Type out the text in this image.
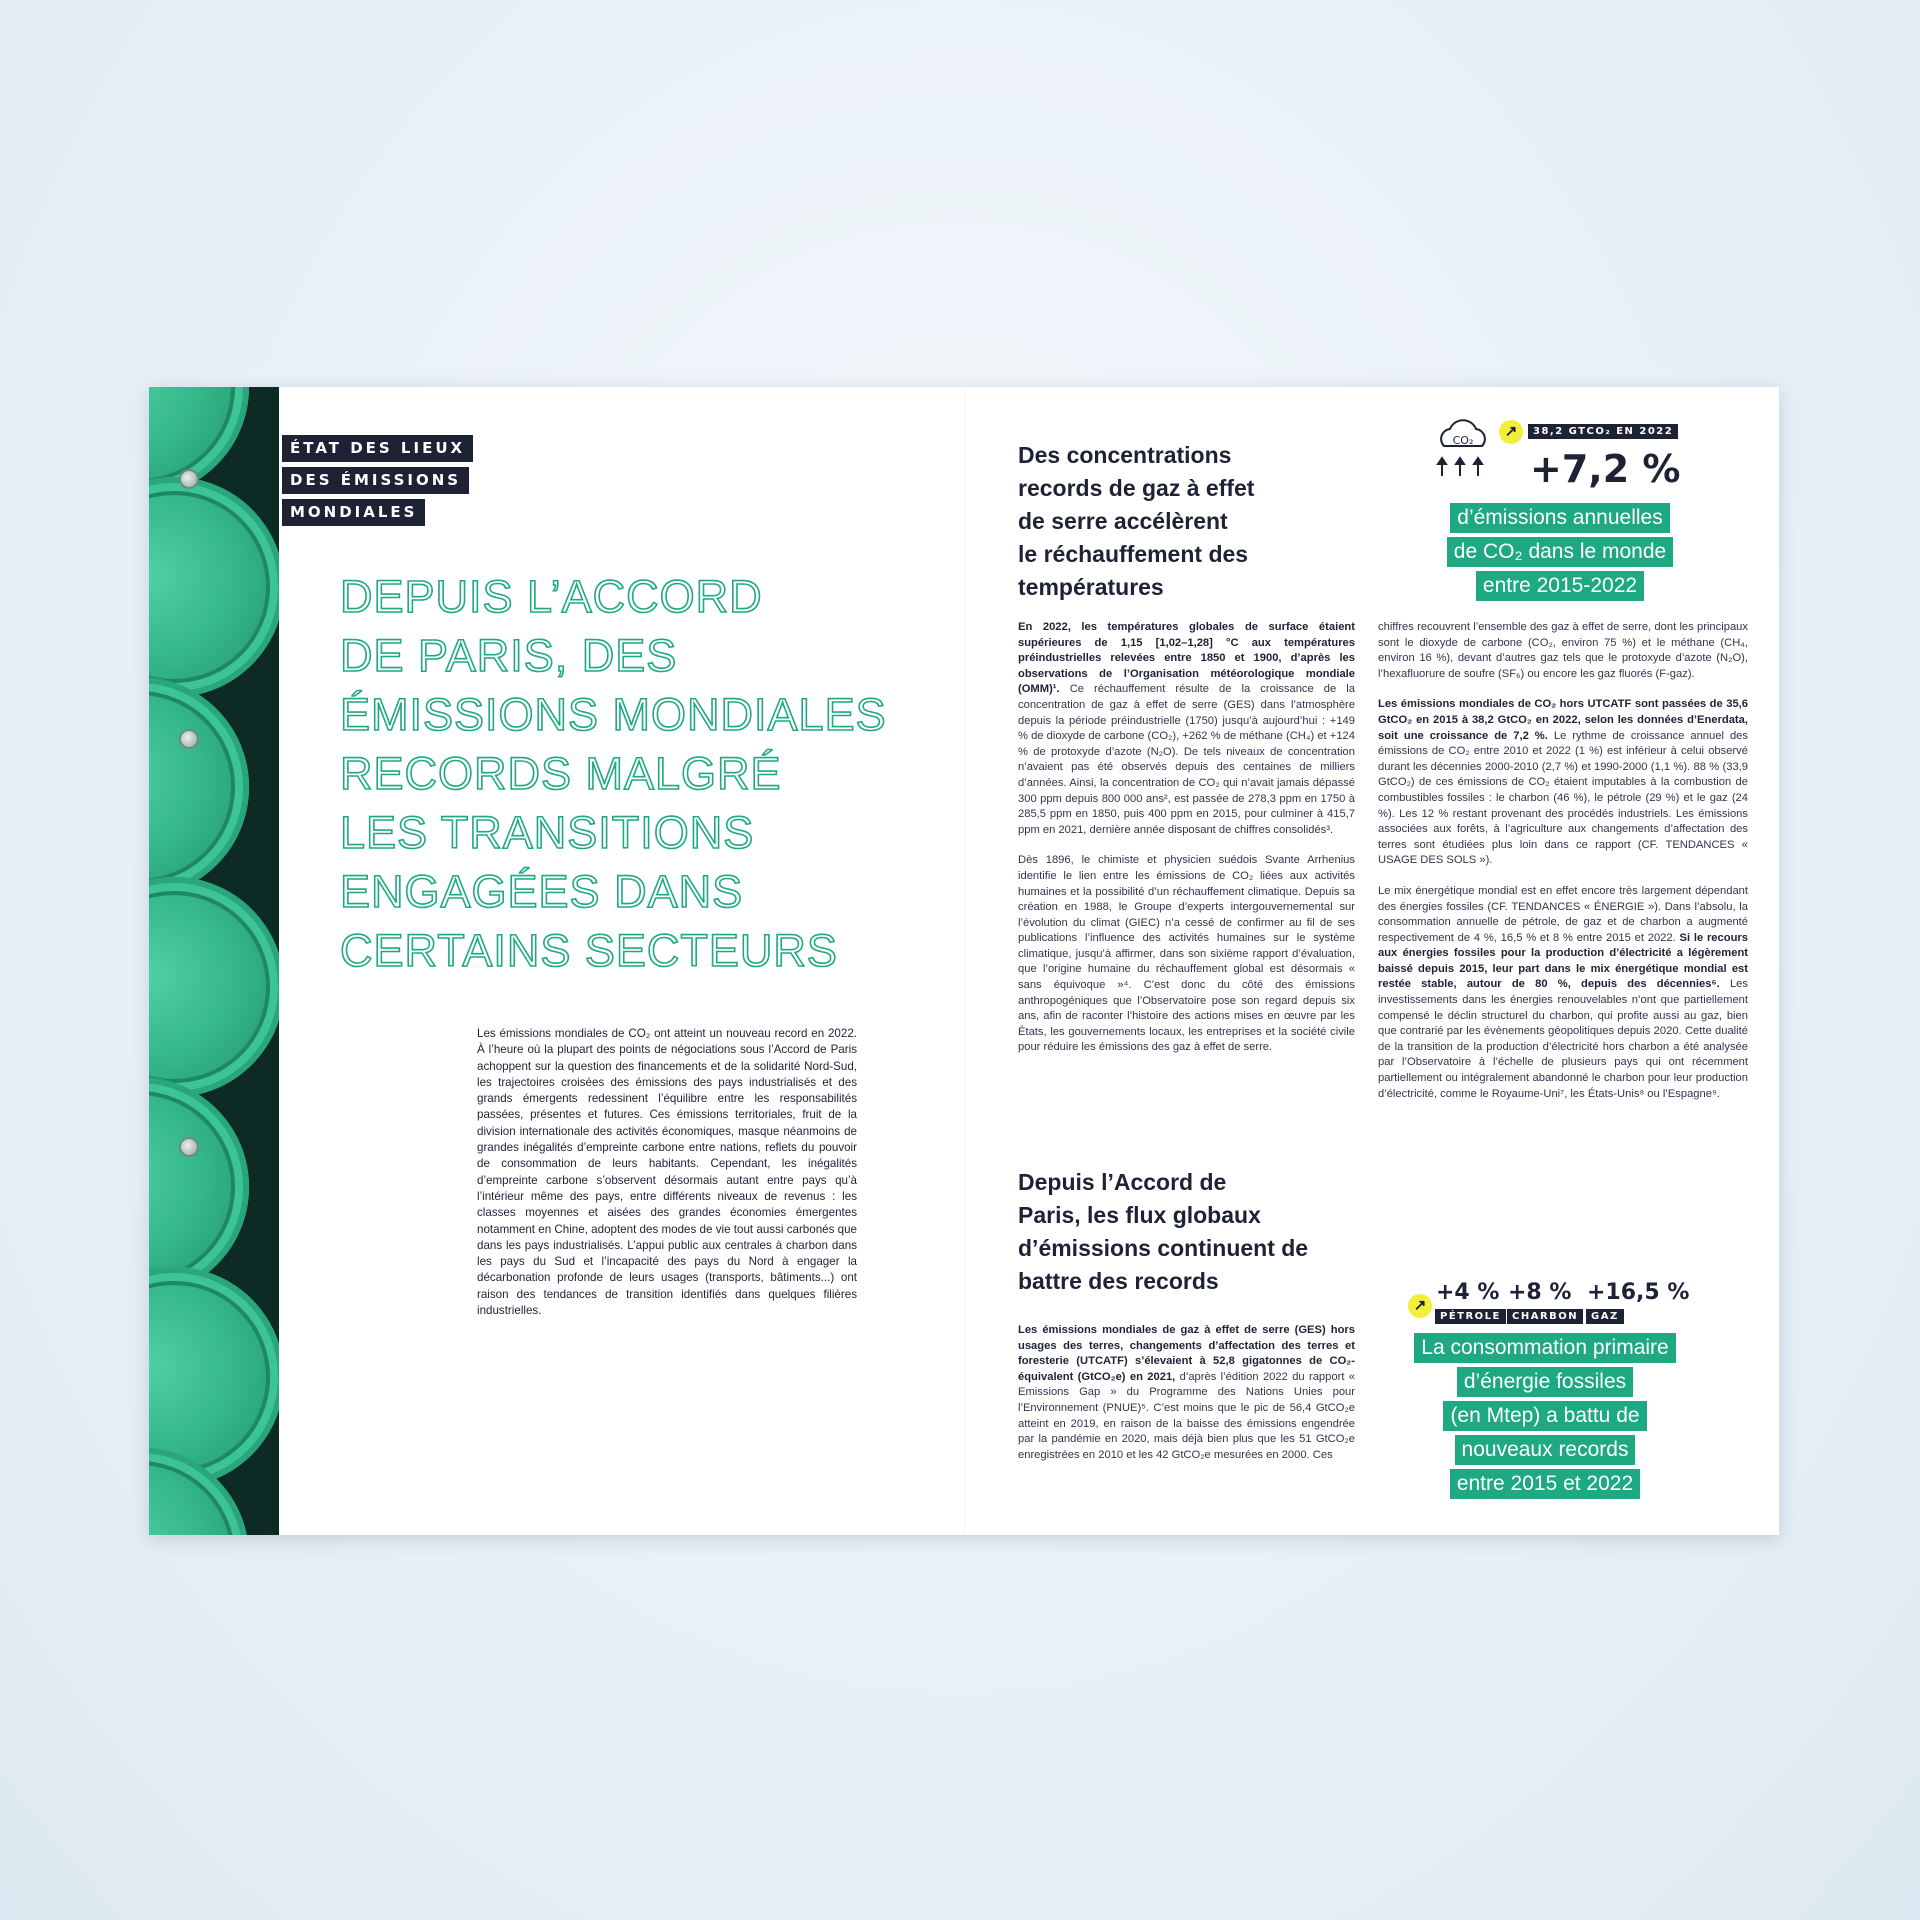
ÉTAT DES LIEUX
DES ÉMISSIONS
MONDIALES
DEPUIS L’ACCORD
DE PARIS, DES
ÉMISSIONS MONDIALES
RECORDS MALGRÉ
LES TRANSITIONS
ENGAGÉES DANS
CERTAINS SECTEURS
Les émissions mondiales de CO₂ ont atteint un nouveau record en 2022. À l’heure où la plupart des points de négociations sous l’Accord de Paris achoppent sur la question des financements et de la solidarité Nord-Sud, les trajectoires croisées des émissions des pays industrialisés et des grands émergents redessinent l’équilibre entre les responsabilités passées, présentes et futures. Ces émissions territoriales, fruit de la division internationale des activités économiques, masque néanmoins de grandes inégalités d’empreinte carbone entre nations, reflets du pouvoir de consommation de leurs habitants. Cependant, les inégalités d’empreinte carbone s’observent désormais autant entre pays qu’à l’intérieur même des pays, entre différents niveaux de revenus : les classes moyennes et aisées des grandes économies émergentes notamment en Chine, adoptent des modes de vie tout aussi carbonés que dans les pays industrialisés. L’appui public aux centrales à charbon dans les pays du Sud et l’incapacité des pays du Nord à engager la décarbonation profonde de leurs usages (transports, bâtiments...) ont raison des tendances de transition identifiés dans quelques filières industrielles.
Des concentrations
records de gaz à effet
de serre accélèrent
le réchauffement des
températures

En 2022, les températures globales de surface étaient supérieures de 1,15 [1,02–1,28] °C aux températures préindustrielles relevées entre 1850 et 1900, d’après les observations de l’Organisation météorologique mondiale (OMM)¹. Ce réchauffement résulte de la croissance de la concentration de gaz à effet de serre (GES) dans l’atmosphère depuis la période préindustrielle (1750) jusqu’à aujourd’hui : +149 % de dioxyde de carbone (CO₂), +262 % de méthane (CH₄) et +124 % de protoxyde d’azote (N₂O). De tels niveaux de concentration n’avaient pas été observés depuis des centaines de milliers d’années. Ainsi, la concentration de CO₂ qui n’avait jamais dépassé 300 ppm depuis 800 000 ans², est passée de 278,3 ppm en 1750 à 285,5 ppm en 1850, puis 400 ppm en 2015, pour culminer à 415,7 ppm en 2021, dernière année disposant de chiffres consolidés³.

Dès 1896, le chimiste et physicien suédois Svante Arrhenius identifie le lien entre les émissions de CO₂ liées aux activités humaines et la possibilité d’un réchauffement climatique. Depuis sa création en 1988, le Groupe d’experts intergouvernemental sur l’évolution du climat (GIEC) n’a cessé de confirmer au fil de ses publications l’influence des activités humaines sur le système climatique, jusqu’à affirmer, dans son sixième rapport d’évaluation, que l’origine humaine du réchauffement global est désormais « sans équivoque »⁴. C’est donc du côté des émissions anthropogéniques que l’Observatoire pose son regard depuis six ans, afin de raconter l’histoire des actions mises en œuvre par les États, les gouvernements locaux, les entreprises et la société civile pour réduire les émissions des gaz à effet de serre.

Depuis l’Accord de
Paris, les flux globaux
d’émissions continuent de
battre des records

Les émissions mondiales de gaz à effet de serre (GES) hors usages des terres, changements d’affectation des terres et foresterie (UTCATF) s’élevaient à 52,8 gigatonnes de CO₂-équivalent (GtCO₂e) en 2021, d’après l’édition 2022 du rapport « Emissions Gap » du Programme des Nations Unies pour l’Environnement (PNUE)⁵. C’est moins que le pic de 56,4 GtCO₂e atteint en 2019, en raison de la baisse des émissions engendrée par la pandémie en 2020, mais déjà bien plus que les 51 GtCO₂e enregistrées en 2010 et les 42 GtCO₂e mesurées en 2000. Ces

chiffres recouvrent l’ensemble des gaz à effet de serre, dont les principaux sont le dioxyde de carbone (CO₂, environ 75 %) et le méthane (CH₄, environ 16 %), devant d’autres gaz tels que le protoxyde d’azote (N₂O), l’hexafluorure de soufre (SF₆) ou encore les gaz fluorés (F-gaz).

Les émissions mondiales de CO₂ hors UTCATF sont passées de 35,6 GtCO₂ en 2015 à 38,2 GtCO₂ en 2022, selon les données d’Enerdata, soit une croissance de 7,2 %. Le rythme de croissance annuel des émissions de CO₂ entre 2010 et 2022 (1 %) est inférieur à celui observé durant les décennies 2000-2010 (2,7 %) et 1990-2000 (1,1 %). 88 % (33,9 GtCO₂) de ces émissions de CO₂ étaient imputables à la combustion de combustibles fossiles : le charbon (46 %), le pétrole (29 %) et le gaz (24 %). Les 12 % restant provenant des procédés industriels. Les émissions associées aux forêts, à l’agriculture aux changements d’affectation des terres sont étudiées plus loin dans ce rapport (CF. TENDANCES « USAGE DES SOLS »).

Le mix énergétique mondial est en effet encore très largement dépendant des énergies fossiles (CF. TENDANCES « ÉNERGIE »). Dans l’absolu, la consommation annuelle de pétrole, de gaz et de charbon a augmenté respectivement de 4 %, 16,5 % et 8 % entre 2015 et 2022. Si le recours aux énergies fossiles pour la production d’électricité a légèrement baissé depuis 2015, leur part dans le mix énergétique mondial est restée stable, autour de 80 %, depuis des décennies⁶. Les investissements dans les énergies renouvelables n’ont que partiellement compensé le déclin structurel du charbon, qui profite aussi au gaz, bien que contrarié par les évènements géopolitiques depuis 2020. Cette dualité de la transition de la production d’électricité hors charbon a été analysée par l’Observatoire à l’échelle de plusieurs pays qui ont récemment partiellement ou intégralement abandonné le charbon pour leur production d’électricité, comme le Royaume-Uni⁷, les États-Unis⁸ ou l’Espagne⁹.

CO₂
↗	38,2 GTCO₂ EN 2022
+7,2 %
d’émissions annuelles
de CO₂ dans le monde
entre 2015-2022
↗
+4 %
PÉTROLE
+8 %
CHARBON
+16,5 %
GAZ
La consommation primaire
d’énergie fossiles
(en Mtep) a battu de
nouveaux records
entre 2015 et 2022
